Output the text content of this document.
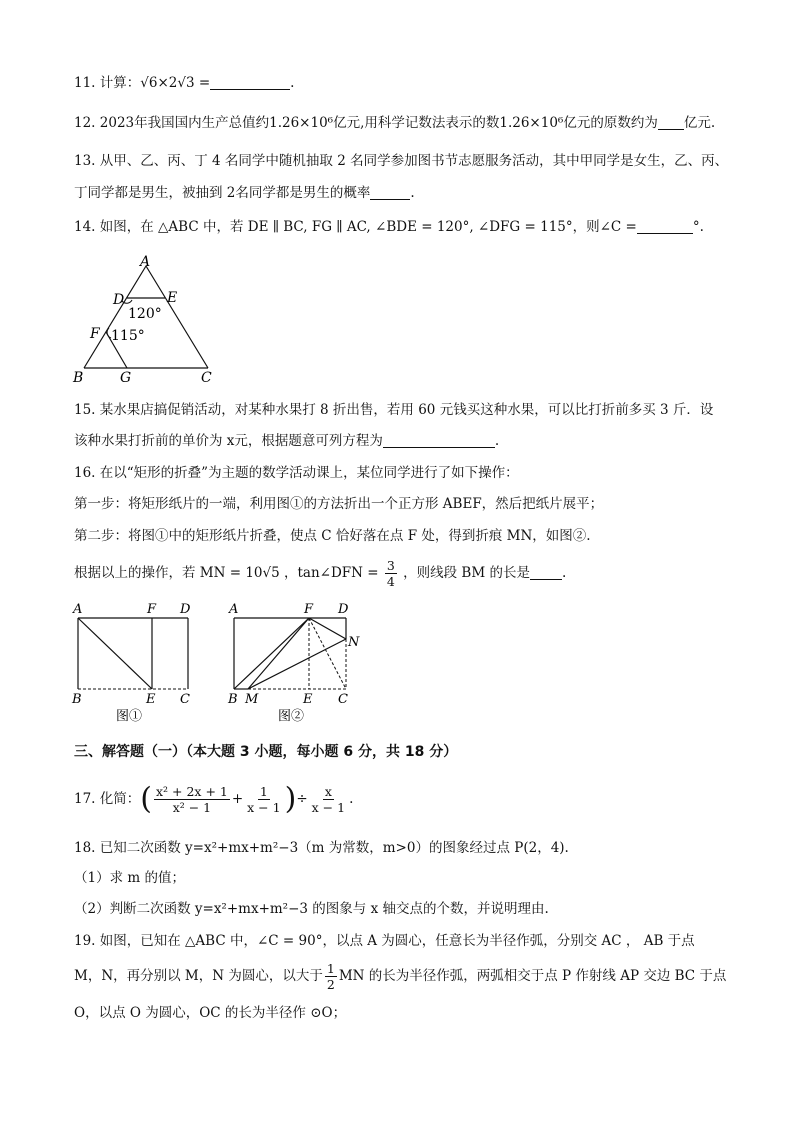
11. 计算：√6×2√3 =	.
12. 2023年我国国内生产总值约1.26×10⁶亿元,用科学记数法表示的数1.26×10⁶亿元的原数约为 亿元.
13. 从甲、乙、丙、丁 4 名同学中随机抽取 2 名同学参加图书节志愿服务活动，其中甲同学是女生，乙、丙、
丁同学都是男生，被抽到 2名同学都是男生的概率	.
14. 如图，在 △ABC 中，若 DE ∥ BC, FG ∥ AC, ∠BDE = 120°, ∠DFG = 115°，则∠C =	°.
A
D	E
F
B	G	C
120°
115°
15. 某水果店搞促销活动，对某种水果打 8 折出售，若用 60 元钱买这种水果，可以比打折前多买 3 斤．设
该种水果打折前的单价为 x元，根据题意可列方程为	.
16. 在以“矩形的折叠”为主题的数学活动课上，某位同学进行了如下操作：
第一步：将矩形纸片的一端，利用图①的方法折出一个正方形 ABEF，然后把纸片展平；
第二步：将图①中的矩形纸片折叠，使点 C 恰好落在点 F 处，得到折痕 MN，如图②.
根据以上的操作，若 MN = 10√5 ，tan∠DFN = $\frac{3}{4}$ ，则线段 BM 的长是 .
A	F D
B	E C
图①
A	F D
N
B M	E C
图②
三、解答题（一）（本大题 3 小题，每小题 6 分，共 18 分）
17. 化简：( $\frac{\text{x² + 2x + 1}}{\text{x² − 1}} + \frac{1}{x - 1}$ )÷ $\frac{x}{x - 1}$ .
18. 已知二次函数 y=x²+mx+m²−3（m 为常数，m>0）的图象经过点 P(2，4).
（1）求 m 的值；
（2）判断二次函数 y=x²+mx+m²−3 的图象与 x 轴交点的个数，并说明理由.
19. 如图，已知在 △ABC 中，∠C = 90°，以点 A 为圆心，任意长为半径作弧，分别交 AC ， AB 于点
M，N，再分别以 M，N 为圆心，以大于 $\frac{1}{2}$ MN 的长为半径作弧，两弧相交于点 P 作射线 AP 交边 BC 于点
O，以点 O 为圆心，OC 的长为半径作 ⊙O；
